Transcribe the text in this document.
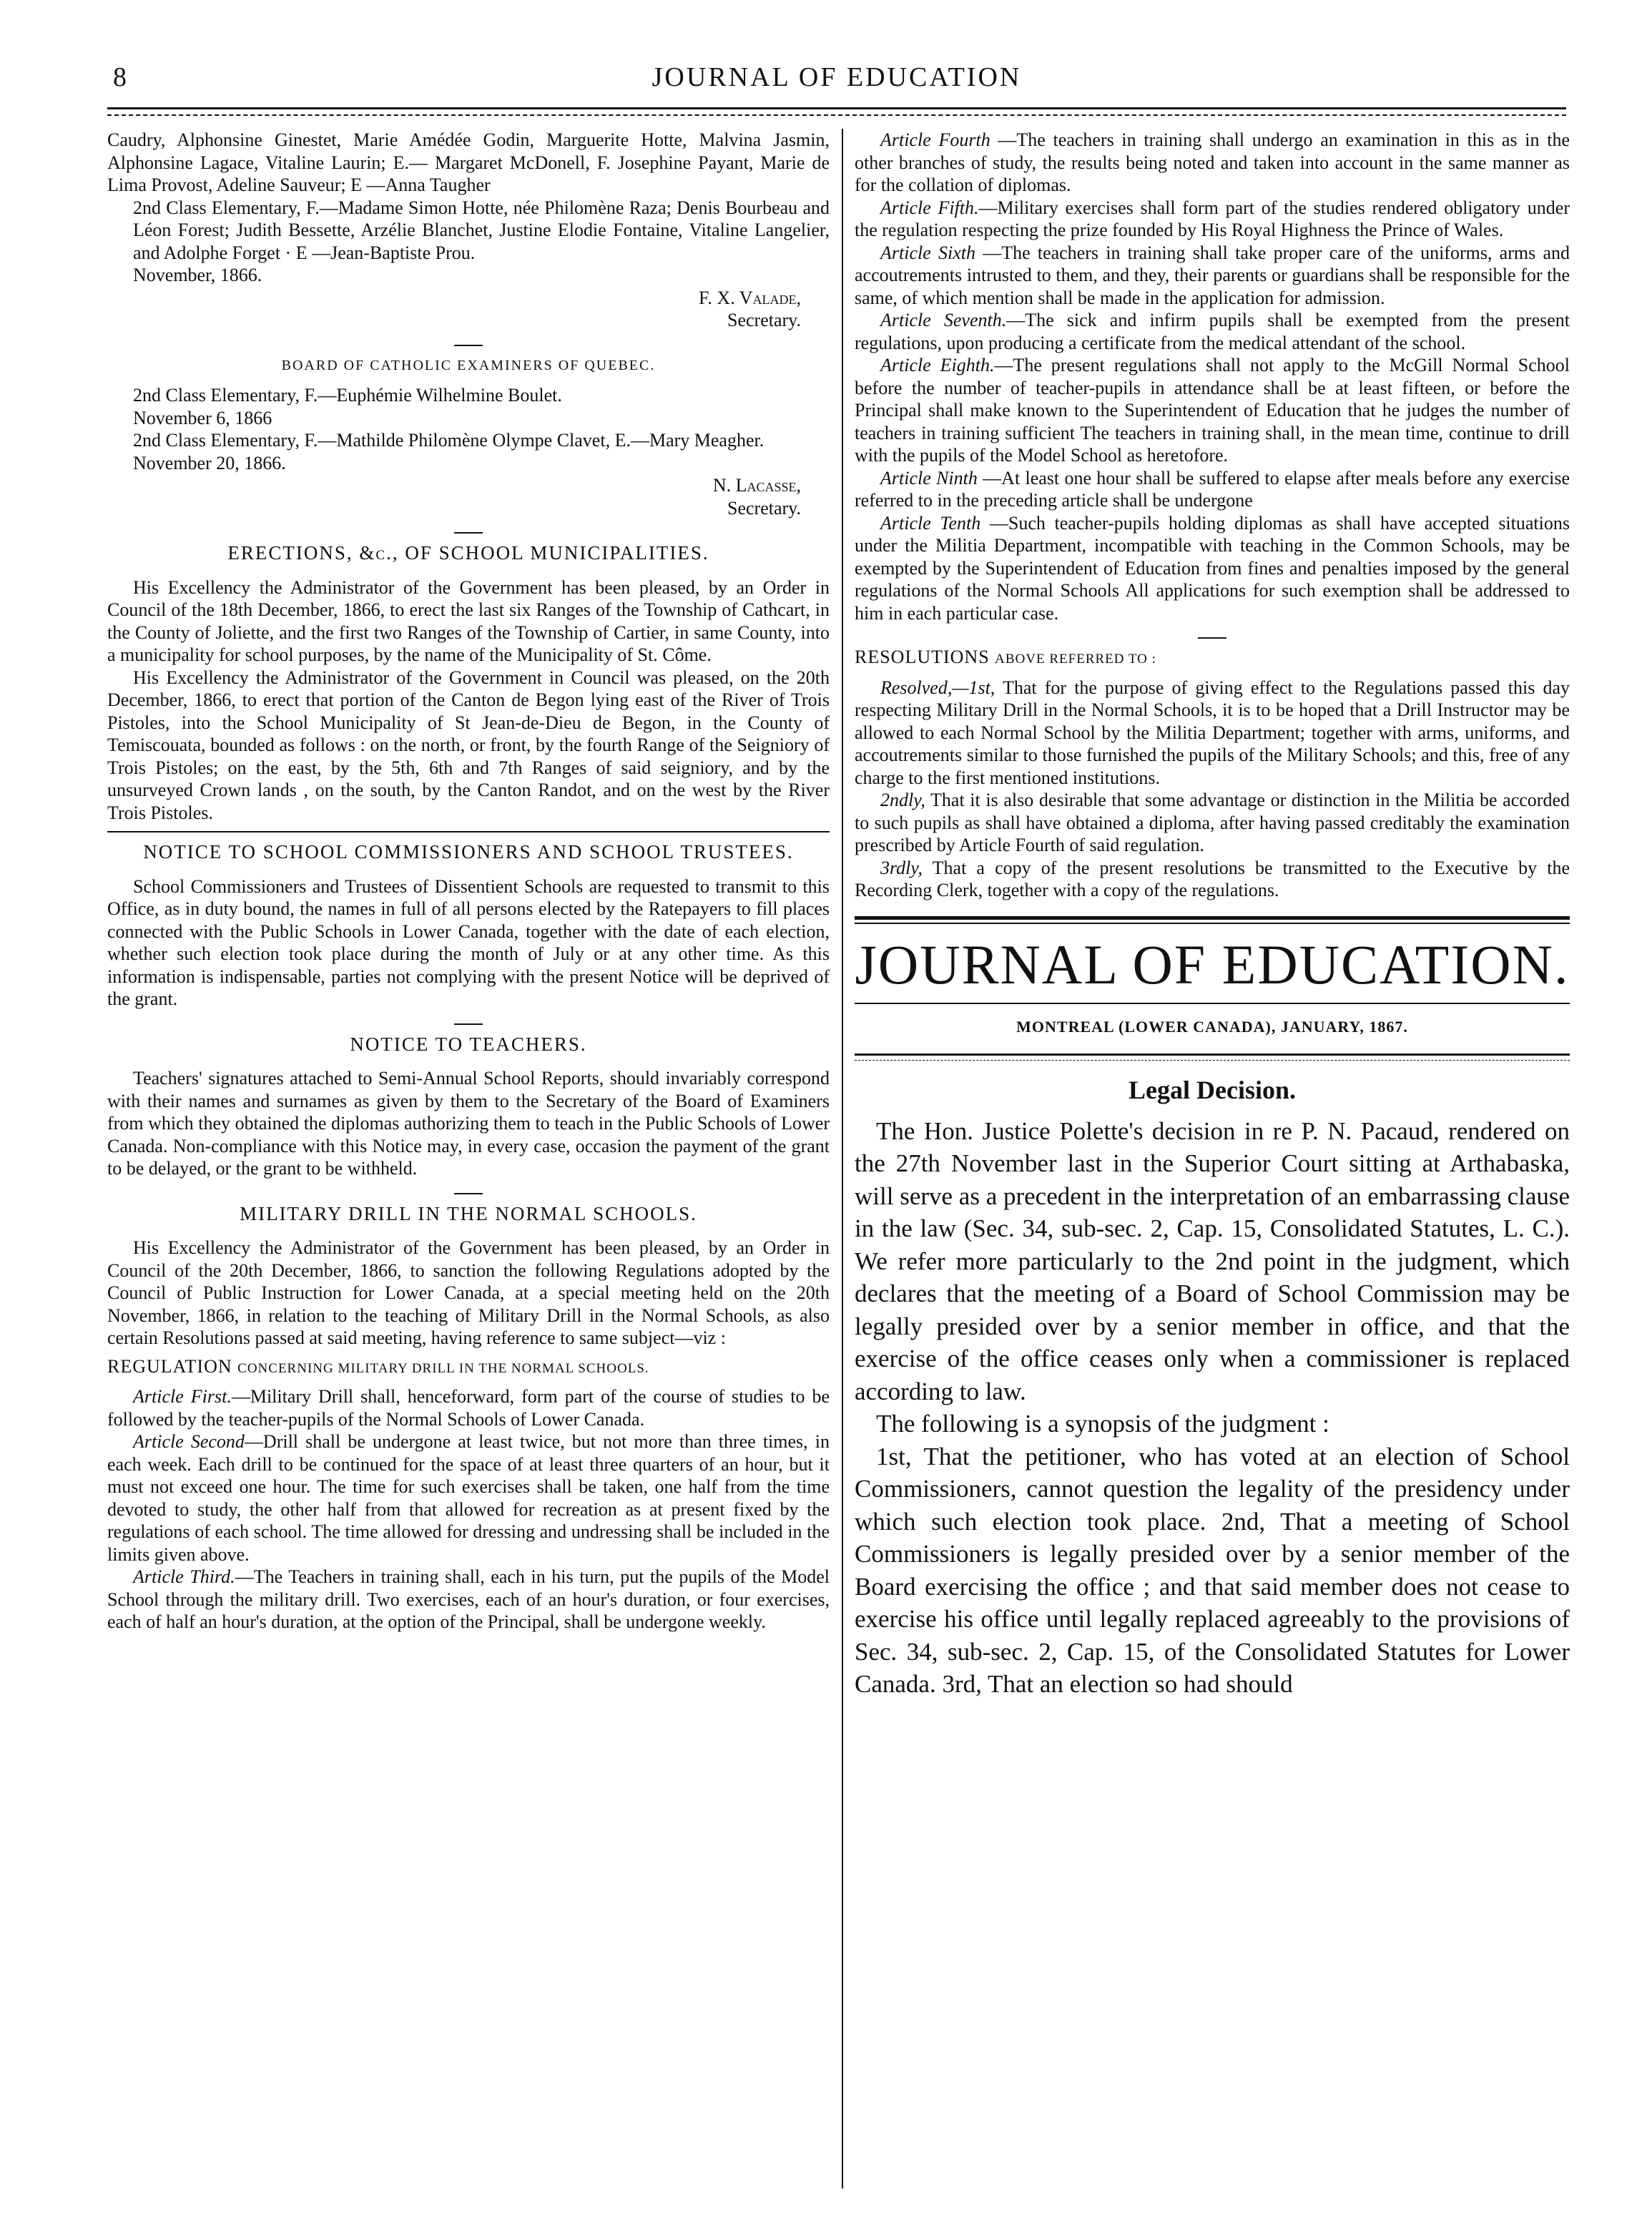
8	JOURNAL OF EDUCATION

Caudry, Alphonsine Ginestet, Marie Amédée Godin, Marguerite Hotte, Malvina Jasmin, Alphonsine Lagace, Vitaline Laurin; E.— Margaret McDonell, F. Josephine Payant, Marie de Lima Provost, Adeline Sauveur; E —Anna Taugher

2nd Class Elementary, F.—Madame Simon Hotte, née Philomène Raza; Denis Bourbeau and Léon Forest; Judith Bessette, Arzélie Blanchet, Justine Elodie Fontaine, Vitaline Langelier, and Adolphe Forget · E —Jean-Baptiste Prou.

November, 1866.

F. X. Valade,
Secretary.
BOARD OF CATHOLIC EXAMINERS OF QUEBEC.

2nd Class Elementary, F.—Euphémie Wilhelmine Boulet.

November 6, 1866

2nd Class Elementary, F.—Mathilde Philomène Olympe Clavet, E.—Mary Meagher.

November 20, 1866.

N. Lacasse,
Secretary.
ERECTIONS, &c., OF SCHOOL MUNICIPALITIES.

His Excellency the Administrator of the Government has been pleased, by an Order in Council of the 18th December, 1866, to erect the last six Ranges of the Township of Cathcart, in the County of Joliette, and the first two Ranges of the Township of Cartier, in same County, into a municipality for school purposes, by the name of the Municipality of St. Côme.

His Excellency the Administrator of the Government in Council was pleased, on the 20th December, 1866, to erect that portion of the Canton de Begon lying east of the River of Trois Pistoles, into the School Municipality of St Jean-de-Dieu de Begon, in the County of Temiscouata, bounded as follows : on the north, or front, by the fourth Range of the Seigniory of Trois Pistoles; on the east, by the 5th, 6th and 7th Ranges of said seigniory, and by the unsurveyed Crown lands , on the south, by the Canton Randot, and on the west by the River Trois Pistoles.

NOTICE TO SCHOOL COMMISSIONERS AND SCHOOL TRUSTEES.

School Commissioners and Trustees of Dissentient Schools are requested to transmit to this Office, as in duty bound, the names in full of all persons elected by the Ratepayers to fill places connected with the Public Schools in Lower Canada, together with the date of each election, whether such election took place during the month of July or at any other time. As this information is indispensable, parties not complying with the present Notice will be deprived of the grant.

NOTICE TO TEACHERS.

Teachers' signatures attached to Semi-Annual School Reports, should invariably correspond with their names and surnames as given by them to the Secretary of the Board of Examiners from which they obtained the diplomas authorizing them to teach in the Public Schools of Lower Canada. Non-compliance with this Notice may, in every case, occasion the payment of the grant to be delayed, or the grant to be withheld.

MILITARY DRILL IN THE NORMAL SCHOOLS.

His Excellency the Administrator of the Government has been pleased, by an Order in Council of the 20th December, 1866, to sanction the following Regulations adopted by the Council of Public Instruction for Lower Canada, at a special meeting held on the 20th November, 1866, in relation to the teaching of Military Drill in the Normal Schools, as also certain Resolutions passed at said meeting, having reference to same subject—viz :

REGULATION CONCERNING MILITARY DRILL IN THE NORMAL SCHOOLS.

Article First.—Military Drill shall, henceforward, form part of the course of studies to be followed by the teacher-pupils of the Normal Schools of Lower Canada.

Article Second—Drill shall be undergone at least twice, but not more than three times, in each week. Each drill to be continued for the space of at least three quarters of an hour, but it must not exceed one hour. The time for such exercises shall be taken, one half from the time devoted to study, the other half from that allowed for recreation as at present fixed by the regulations of each school. The time allowed for dressing and undressing shall be included in the limits given above.

Article Third.—The Teachers in training shall, each in his turn, put the pupils of the Model School through the military drill. Two exercises, each of an hour's duration, or four exercises, each of half an hour's duration, at the option of the Principal, shall be undergone weekly.

Article Fourth —The teachers in training shall undergo an examination in this as in the other branches of study, the results being noted and taken into account in the same manner as for the collation of diplomas.

Article Fifth.—Military exercises shall form part of the studies rendered obligatory under the regulation respecting the prize founded by His Royal Highness the Prince of Wales.

Article Sixth —The teachers in training shall take proper care of the uniforms, arms and accoutrements intrusted to them, and they, their parents or guardians shall be responsible for the same, of which mention shall be made in the application for admission.

Article Seventh.—The sick and infirm pupils shall be exempted from the present regulations, upon producing a certificate from the medical attendant of the school.

Article Eighth.—The present regulations shall not apply to the McGill Normal School before the number of teacher-pupils in attendance shall be at least fifteen, or before the Principal shall make known to the Superintendent of Education that he judges the number of teachers in training sufficient The teachers in training shall, in the mean time, continue to drill with the pupils of the Model School as heretofore.

Article Ninth —At least one hour shall be suffered to elapse after meals before any exercise referred to in the preceding article shall be undergone

Article Tenth —Such teacher-pupils holding diplomas as shall have accepted situations under the Militia Department, incompatible with teaching in the Common Schools, may be exempted by the Superintendent of Education from fines and penalties imposed by the general regulations of the Normal Schools All applications for such exemption shall be addressed to him in each particular case.

RESOLUTIONS ABOVE REFERRED TO :

Resolved,—1st, That for the purpose of giving effect to the Regulations passed this day respecting Military Drill in the Normal Schools, it is to be hoped that a Drill Instructor may be allowed to each Normal School by the Militia Department; together with arms, uniforms, and accoutrements similar to those furnished the pupils of the Military Schools; and this, free of any charge to the first mentioned institutions.

2ndly, That it is also desirable that some advantage or distinction in the Militia be accorded to such pupils as shall have obtained a diploma, after having passed creditably the examination prescribed by Article Fourth of said regulation.

3rdly, That a copy of the present resolutions be transmitted to the Executive by the Recording Clerk, together with a copy of the regulations.

JOURNAL OF EDUCATION.
MONTREAL (LOWER CANADA), JANUARY, 1867.
Legal Decision.

The Hon. Justice Polette's decision in re P. N. Pacaud, rendered on the 27th November last in the Superior Court sitting at Arthabaska, will serve as a precedent in the interpretation of an embarrassing clause in the law (Sec. 34, sub-sec. 2, Cap. 15, Consolidated Statutes, L. C.). We refer more particularly to the 2nd point in the judgment, which declares that the meeting of a Board of School Commission may be legally presided over by a senior member in office, and that the exercise of the office ceases only when a commissioner is replaced according to law.

The following is a synopsis of the judgment :

1st, That the petitioner, who has voted at an election of School Commissioners, cannot question the legality of the presidency under which such election took place. 2nd, That a meeting of School Commissioners is legally presided over by a senior member of the Board exercising the office ; and that said member does not cease to exercise his office until legally replaced agreeably to the provisions of Sec. 34, sub-sec. 2, Cap. 15, of the Consolidated Statutes for Lower Canada. 3rd, That an election so had should
